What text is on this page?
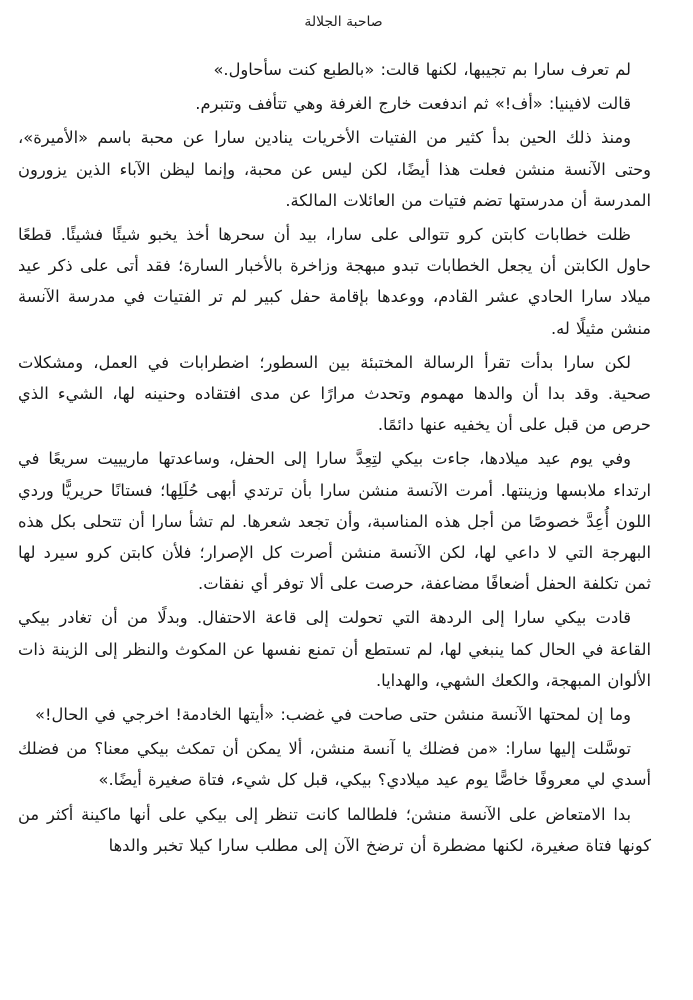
صاحبة الجلالة

لم تعرف سارا بم تجيبها، لكنها قالت: «بالطبع كنت سأحاول.»

قالت لافينيا: «أف!» ثم اندفعت خارج الغرفة وهي تتأفف وتتبرم.

ومنذ ذلك الحين بدأ كثير من الفتيات الأخريات ينادين سارا عن محبة باسم «الأميرة»، وحتى الآنسة منشن فعلت هذا أيضًا، لكن ليس عن محبة، وإنما ليظن الآباء الذين يزورون المدرسة أن مدرستها تضم فتيات من العائلات المالكة.

ظلت خطابات كابتن كرو تتوالى على سارا، بيد أن سحرها أخذ يخبو شيئًا فشيئًا. قطعًا حاول الكابتن أن يجعل الخطابات تبدو مبهجة وزاخرة بالأخبار السارة؛ فقد أتى على ذكر عيد ميلاد سارا الحادي عشر القادم، ووعدها بإقامة حفل كبير لم تر الفتيات في مدرسة الآنسة منشن مثيلًا له.

لكن سارا بدأت تقرأ الرسالة المختبئة بين السطور؛ اضطرابات في العمل، ومشكلات صحية. وقد بدا أن والدها مهموم وتحدث مرارًا عن مدى افتقاده وحنينه لها، الشيء الذي حرص من قبل على أن يخفيه عنها دائمًا.

وفي يوم عيد ميلادها، جاءت بيكي لتِعِدَّ سارا إلى الحفل، وساعدتها ماريييت سريعًا في ارتداء ملابسها وزينتها. أمرت الآنسة منشن سارا بأن ترتدي أبهى حُلَلِها؛ فستانًا حريريًّا وردي اللون أُعِدَّ خصوصًا من أجل هذه المناسبة، وأن تجعد شعرها. لم تشأ سارا أن تتحلى بكل هذه البهرجة التي لا داعي لها، لكن الآنسة منشن أصرت كل الإصرار؛ فلأن كابتن كرو سيرد لها ثمن تكلفة الحفل أضعافًا مضاعفة، حرصت على ألا توفر أي نفقات.

قادت بيكي سارا إلى الردهة التي تحولت إلى قاعة الاحتفال. وبدلًا من أن تغادر بيكي القاعة في الحال كما ينبغي لها، لم تستطع أن تمنع نفسها عن المكوث والنظر إلى الزينة ذات الألوان المبهجة، والكعك الشهي، والهدايا.

وما إن لمحتها الآنسة منشن حتى صاحت في غضب: «أيتها الخادمة! اخرجي في الحال!»

توسَّلت إليها سارا: «من فضلك يا آنسة منشن، ألا يمكن أن تمكث بيكي معنا؟ من فضلك أسدي لي معروفًا خاصًّا يوم عيد ميلادي؟ بيكي، قبل كل شيء، فتاة صغيرة أيضًا.»

بدا الامتعاض على الآنسة منشن؛ فلطالما كانت تنظر إلى بيكي على أنها ماكينة أكثر من كونها فتاة صغيرة، لكنها مضطرة أن ترضخ الآن إلى مطلب سارا كيلا تخبر والدها
